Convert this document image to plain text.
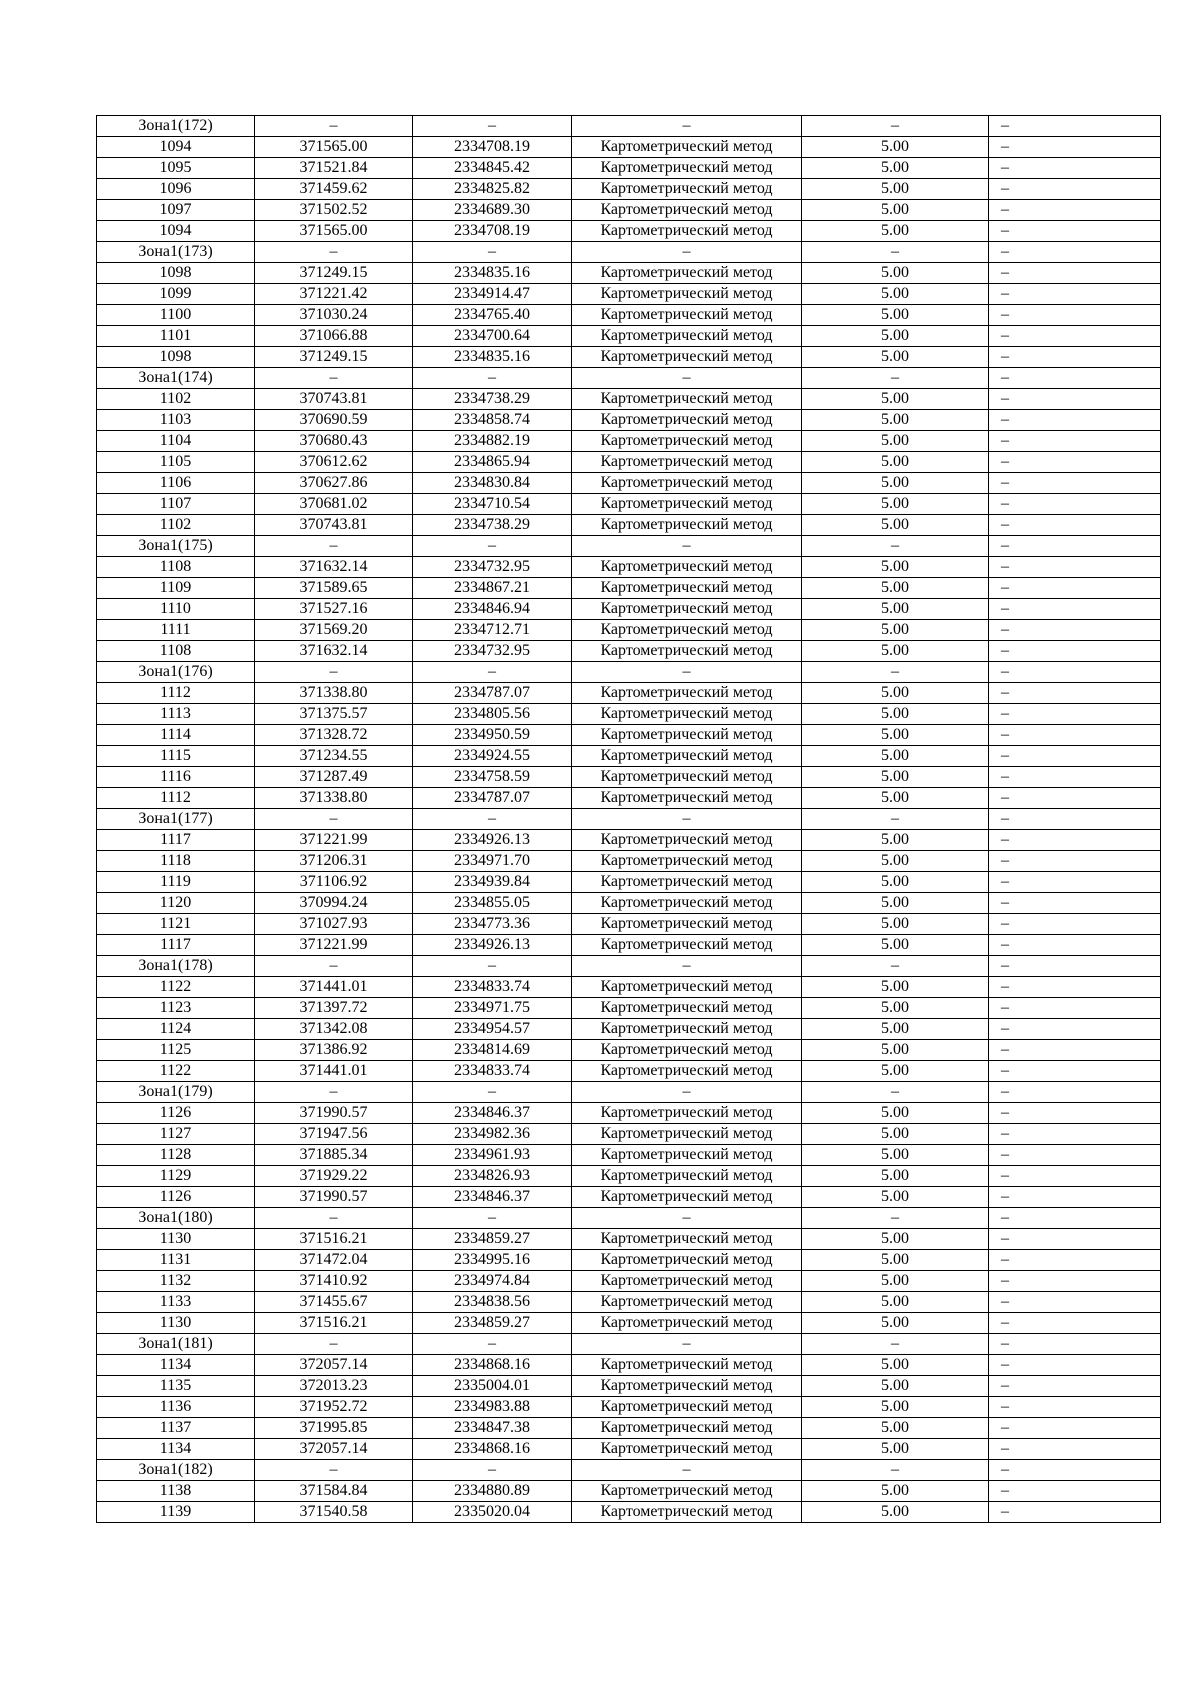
Зона1(172)	–	–	–	–	–
1094	371565.00	2334708.19	Картометрический метод	5.00	–
1095	371521.84	2334845.42	Картометрический метод	5.00	–
1096	371459.62	2334825.82	Картометрический метод	5.00	–
1097	371502.52	2334689.30	Картометрический метод	5.00	–
1094	371565.00	2334708.19	Картометрический метод	5.00	–
Зона1(173)	–	–	–	–	–
1098	371249.15	2334835.16	Картометрический метод	5.00	–
1099	371221.42	2334914.47	Картометрический метод	5.00	–
1100	371030.24	2334765.40	Картометрический метод	5.00	–
1101	371066.88	2334700.64	Картометрический метод	5.00	–
1098	371249.15	2334835.16	Картометрический метод	5.00	–
Зона1(174)	–	–	–	–	–
1102	370743.81	2334738.29	Картометрический метод	5.00	–
1103	370690.59	2334858.74	Картометрический метод	5.00	–
1104	370680.43	2334882.19	Картометрический метод	5.00	–
1105	370612.62	2334865.94	Картометрический метод	5.00	–
1106	370627.86	2334830.84	Картометрический метод	5.00	–
1107	370681.02	2334710.54	Картометрический метод	5.00	–
1102	370743.81	2334738.29	Картометрический метод	5.00	–
Зона1(175)	–	–	–	–	–
1108	371632.14	2334732.95	Картометрический метод	5.00	–
1109	371589.65	2334867.21	Картометрический метод	5.00	–
1110	371527.16	2334846.94	Картометрический метод	5.00	–
1111	371569.20	2334712.71	Картометрический метод	5.00	–
1108	371632.14	2334732.95	Картометрический метод	5.00	–
Зона1(176)	–	–	–	–	–
1112	371338.80	2334787.07	Картометрический метод	5.00	–
1113	371375.57	2334805.56	Картометрический метод	5.00	–
1114	371328.72	2334950.59	Картометрический метод	5.00	–
1115	371234.55	2334924.55	Картометрический метод	5.00	–
1116	371287.49	2334758.59	Картометрический метод	5.00	–
1112	371338.80	2334787.07	Картометрический метод	5.00	–
Зона1(177)	–	–	–	–	–
1117	371221.99	2334926.13	Картометрический метод	5.00	–
1118	371206.31	2334971.70	Картометрический метод	5.00	–
1119	371106.92	2334939.84	Картометрический метод	5.00	–
1120	370994.24	2334855.05	Картометрический метод	5.00	–
1121	371027.93	2334773.36	Картометрический метод	5.00	–
1117	371221.99	2334926.13	Картометрический метод	5.00	–
Зона1(178)	–	–	–	–	–
1122	371441.01	2334833.74	Картометрический метод	5.00	–
1123	371397.72	2334971.75	Картометрический метод	5.00	–
1124	371342.08	2334954.57	Картометрический метод	5.00	–
1125	371386.92	2334814.69	Картометрический метод	5.00	–
1122	371441.01	2334833.74	Картометрический метод	5.00	–
Зона1(179)	–	–	–	–	–
1126	371990.57	2334846.37	Картометрический метод	5.00	–
1127	371947.56	2334982.36	Картометрический метод	5.00	–
1128	371885.34	2334961.93	Картометрический метод	5.00	–
1129	371929.22	2334826.93	Картометрический метод	5.00	–
1126	371990.57	2334846.37	Картометрический метод	5.00	–
Зона1(180)	–	–	–	–	–
1130	371516.21	2334859.27	Картометрический метод	5.00	–
1131	371472.04	2334995.16	Картометрический метод	5.00	–
1132	371410.92	2334974.84	Картометрический метод	5.00	–
1133	371455.67	2334838.56	Картометрический метод	5.00	–
1130	371516.21	2334859.27	Картометрический метод	5.00	–
Зона1(181)	–	–	–	–	–
1134	372057.14	2334868.16	Картометрический метод	5.00	–
1135	372013.23	2335004.01	Картометрический метод	5.00	–
1136	371952.72	2334983.88	Картометрический метод	5.00	–
1137	371995.85	2334847.38	Картометрический метод	5.00	–
1134	372057.14	2334868.16	Картометрический метод	5.00	–
Зона1(182)	–	–	–	–	–
1138	371584.84	2334880.89	Картометрический метод	5.00	–
1139	371540.58	2335020.04	Картометрический метод	5.00	–
